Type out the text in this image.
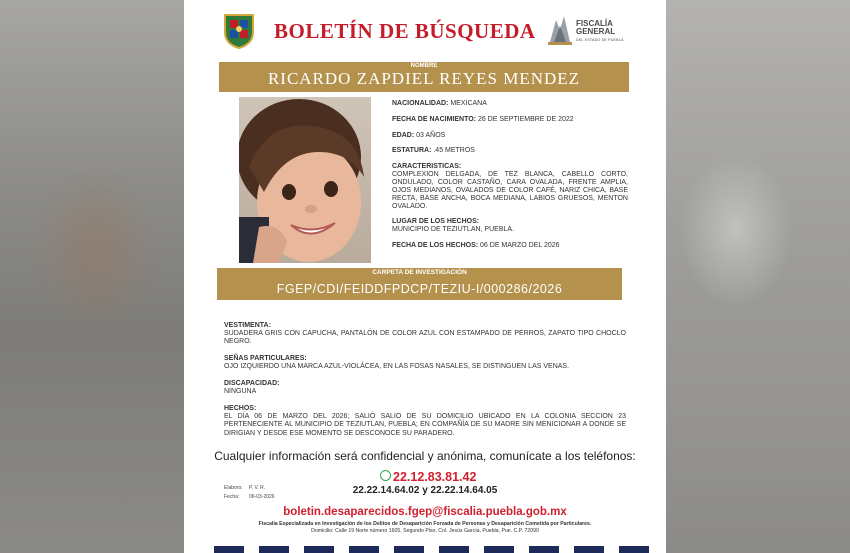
BOLETÍN DE BÚSQUEDA	FISCALÍA
GENERAL
DEL ESTADO DE PUEBLA
NOMBRE
RICARDO ZAPDIEL REYES MENDEZ
NACIONALIDAD: MEXICANA
FECHA DE NACIMIENTO: 26 DE SEPTIEMBRE DE 2022
EDAD: 03 AÑOS
ESTATURA: .45 METROS
CARACTERISTICAS:
COMPLEXION DELGADA, DE TEZ BLANCA, CABELLO CORTO, ONDULADO, COLOR CASTAÑO, CARA OVALADA, FRENTE AMPLIA, OJOS MEDIANOS, OVALADOS DE COLOR CAFÉ, NARIZ CHICA, BASE RECTA, BASE ANCHA, BOCA MEDIANA, LABIOS GRUESOS, MENTON OVALADO.
LUGAR DE LOS HECHOS:
MUNICIPIO DE TEZIUTLAN, PUEBLA.
FECHA DE LOS HECHOS: 06 DE MARZO DEL 2026
CARPETA DE INVESTIGACIÓN
FGEP/CDI/FEIDDFPDCP/TEZIU-I/000286/2026
VESTIMENTA:
SUDADERA GRIS CON CAPUCHA, PANTALÓN DE COLOR AZUL CON ESTAMPADO DE PERROS, ZAPATO TIPO CHOCLO NEGRO.
SEÑAS PARTICULARES:
OJO IZQUIERDO UNA MARCA AZUL-VIOLÁCEA, EN LAS FOSAS NASALES, SE DISTINGUEN LAS VENAS.
DISCAPACIDAD:
NINGUNA
HECHOS:
EL DÍA 06 DE MARZO DEL 2026; SALIÓ SALIO DE SU DOMICILIO UBICADO EN LA COLONIA SECCION 23 PERTENECIENTE AL MUNICIPIO DE TEZIUTLAN, PUEBLA; EN COMPAÑÍA DE SU MADRE SIN MENICIONAR A DONDE SE DIRIGIAN Y DESDE ESE MOMENTO SE DESCONOCE SU PARADERO.
Cualquier información será confidencial y anónima, comunícate a los teléfonos:
22.12.83.81.42
22.22.14.64.02 y 22.22.14.64.05
Elaboro: P. V. R.
Fecha: 06-03-2026
boletin.desaparecidos.fgep@fiscalia.puebla.gob.mx
Fiscalía Especializada en Investigación de los Delitos de Desaparición Forzada de Personas y Desaparición Cometida por Particulares.
Domicilio: Calle 19 Norte número 1605, Segundo Piso, Col. Jesús García, Puebla, Pue. C.P. 72090
